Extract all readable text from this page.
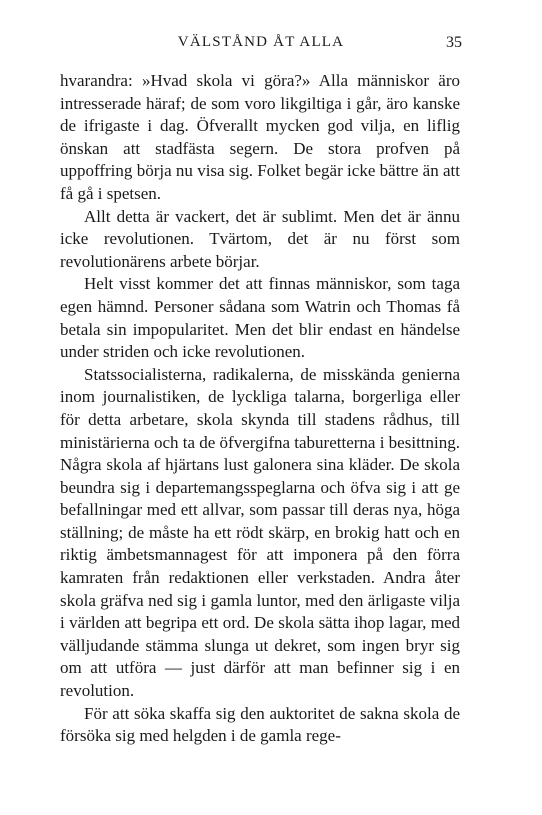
VÄLSTÅND ÅT ALLA	35

hvarandra: »Hvad skola vi göra?» Alla människor äro intresserade häraf; de som voro likgiltiga i går, äro kanske de ifrigaste i dag. Öfverallt mycken god vilja, en liflig önskan att stadfästa segern. De stora profven på uppoffring börja nu visa sig. Folket begär icke bättre än att få gå i spetsen.

Allt detta är vackert, det är sublimt. Men det är ännu icke revolutionen. Tvärtom, det är nu först som revolutionärens arbete börjar.

Helt visst kommer det att finnas människor, som taga egen hämnd. Personer sådana som Watrin och Thomas få betala sin impopularitet. Men det blir endast en händelse under striden och icke revolutionen.

Statssocialisterna, radikalerna, de misskända genierna inom journalistiken, de lyckliga talarna, borgerliga eller för detta arbetare, skola skynda till stadens rådhus, till ministärierna och ta de öfvergifna taburetterna i besittning. Några skola af hjärtans lust galonera sina kläder. De skola beundra sig i departemangsspeglarna och öfva sig i att ge befallningar med ett allvar, som passar till deras nya, höga ställning; de måste ha ett rödt skärp, en brokig hatt och en riktig ämbetsmannagest för att imponera på den förra kamraten från redaktionen eller verkstaden. Andra åter skola gräfva ned sig i gamla luntor, med den ärligaste vilja i världen att begripa ett ord. De skola sätta ihop lagar, med välljudande stämma slunga ut dekret, som ingen bryr sig om att utföra — just därför att man befinner sig i en revolution.

För att söka skaffa sig den auktoritet de sakna skola de försöka sig med helgden i de gamla rege-
